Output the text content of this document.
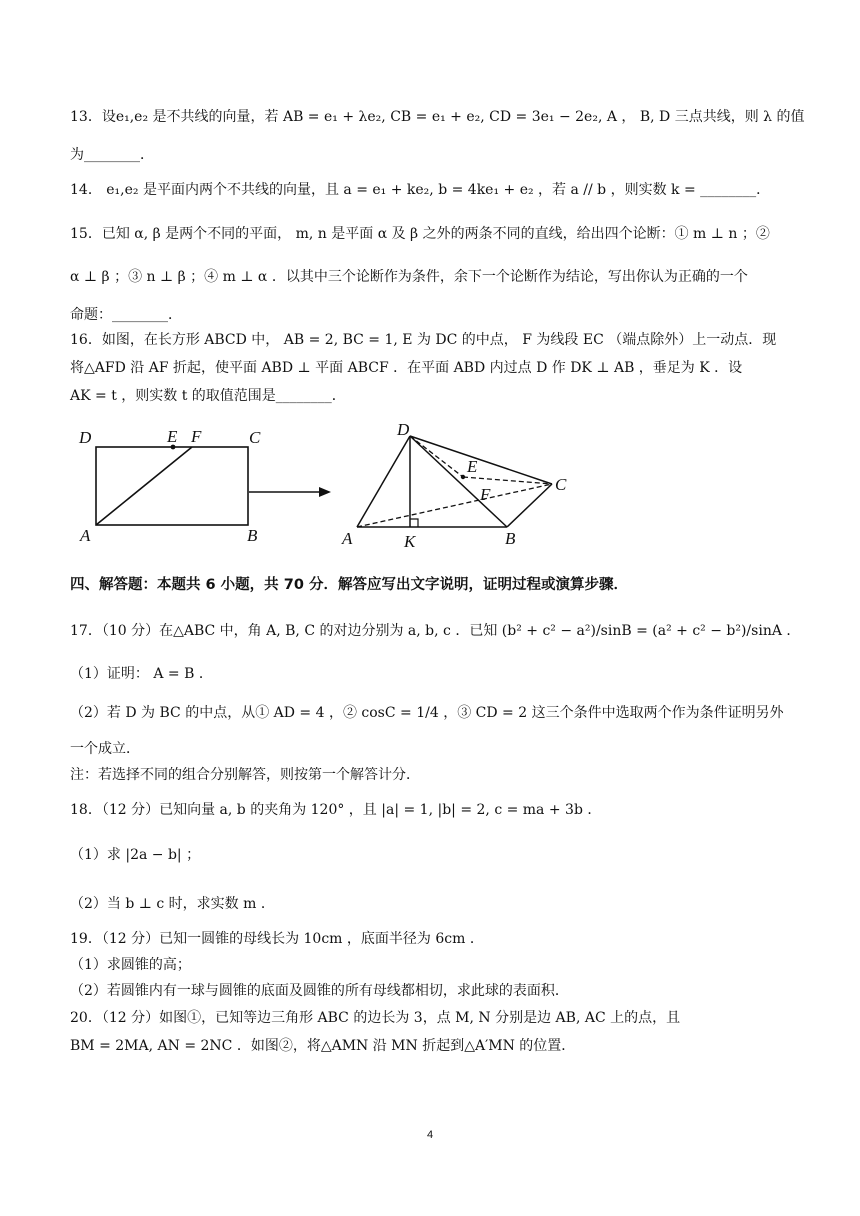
13．设e₁,e₂ 是不共线的向量，若 AB = e₁ + λe₂, CB = e₁ + e₂, CD = 3e₁ − 2e₂, A ， B, D 三点共线，则 λ 的值
为________．
14． e₁,e₂ 是平面内两个不共线的向量，且 a = e₁ + ke₂, b = 4ke₁ + e₂ ，若 a // b ，则实数 k = ________．
15．已知 α, β 是两个不同的平面， m, n 是平面 α 及 β 之外的两条不同的直线，给出四个论断：① m ⊥ n ；②
α ⊥ β ；③ n ⊥ β ；④ m ⊥ α ．以其中三个论断作为条件，余下一个论断作为结论，写出你认为正确的一个
命题：________．
16．如图，在长方形 ABCD 中， AB = 2, BC = 1, E 为 DC 的中点， F 为线段 EC （端点除外）上一动点．现
将△AFD 沿 AF 折起，使平面 ABD ⊥ 平面 ABCF ．在平面 ABD 内过点 D 作 DK ⊥ AB ，垂足为 K ．设
AK = t ，则实数 t 的取值范围是________．
D	E F	C
A	B
D
E
F
C
A	K	B
四、解答题：本题共 6 小题，共 70 分．解答应写出文字说明，证明过程或演算步骤．
17．（10 分）在△ABC 中，角 A, B, C 的对边分别为 a, b, c ．已知 (b² + c² − a²)/sinB = (a² + c² − b²)/sinA ．
（1）证明： A = B ．
（2）若 D 为 BC 的中点，从① AD = 4 ，② cosC = 1/4 ，③ CD = 2 这三个条件中选取两个作为条件证明另外
一个成立．
注：若选择不同的组合分别解答，则按第一个解答计分．
18．（12 分）已知向量 a, b 的夹角为 120° ，且 |a| = 1, |b| = 2, c = ma + 3b ．
（1）求 |2a − b| ；
（2）当 b ⊥ c 时，求实数 m ．
19．（12 分）已知一圆锥的母线长为 10cm ，底面半径为 6cm ．
（1）求圆锥的高；
（2）若圆锥内有一球与圆锥的底面及圆锥的所有母线都相切，求此球的表面积．
20．（12 分）如图①，已知等边三角形 ABC 的边长为 3，点 M, N 分别是边 AB, AC 上的点，且
BM = 2MA, AN = 2NC ．如图②，将△AMN 沿 MN 折起到△A′MN 的位置．
4
